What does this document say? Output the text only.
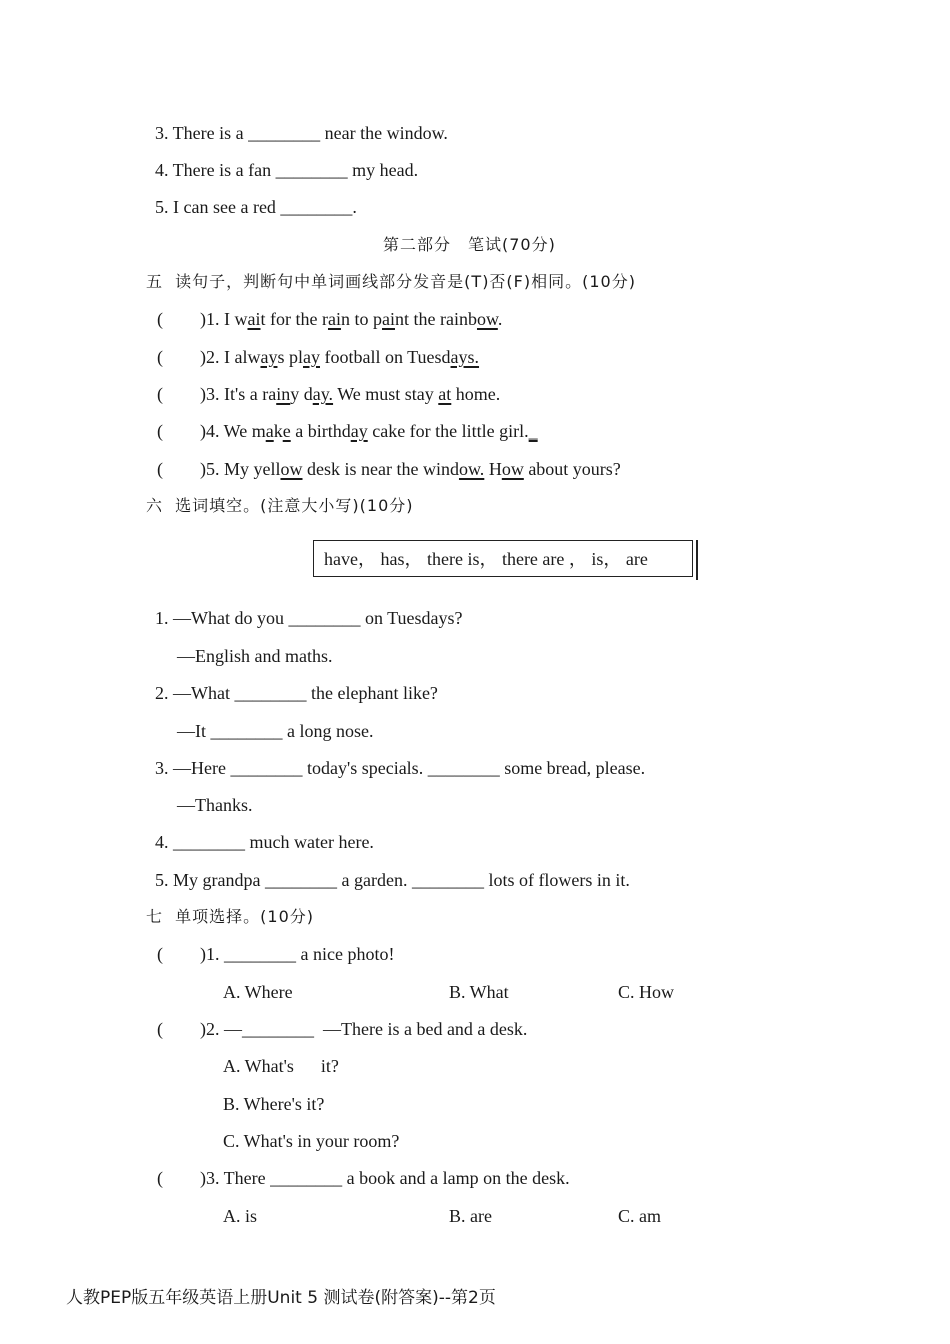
3. There is a ________ near the window.
4. There is a fan ________ my head.
5. I can see a red ________.
第二部分　笔试(70分)
五  读句子，判断句中单词画线部分发音是(T)否(F)相同。(10分)
( )1. I wait for the rain to paint the rainbow.
( )2. I always play football on Tuesdays.
( )3. It's a rainy day. We must stay at home.
( )4. We make a birthday cake for the little girl._
( )5. My yellow desk is near the window. How about yours?
六  选词填空。(注意大小写)(10分)
have， has， there is， there are ， is， are
1. —What do you ________ on Tuesdays?
—English and maths.
2. —What ________ the elephant like?
—It ________ a long nose.
3. —Here ________ today's specials. ________ some bread, please.
—Thanks.
4. ________ much water here.
5. My grandpa ________ a garden. ________ lots of flowers in it.
七  单项选择。(10分)
( )1. ________ a nice photo!
A. Where	B. What	C. How
( )2. —________  —There is a bed and a desk.
A. What's      it?
B. Where's it?
C. What's in your room?
( )3. There ________ a book and a lamp on the desk.
A. is	B. are	C. am
人教PEP版五年级英语上册Unit 5 测试卷(附答案)--第2页
